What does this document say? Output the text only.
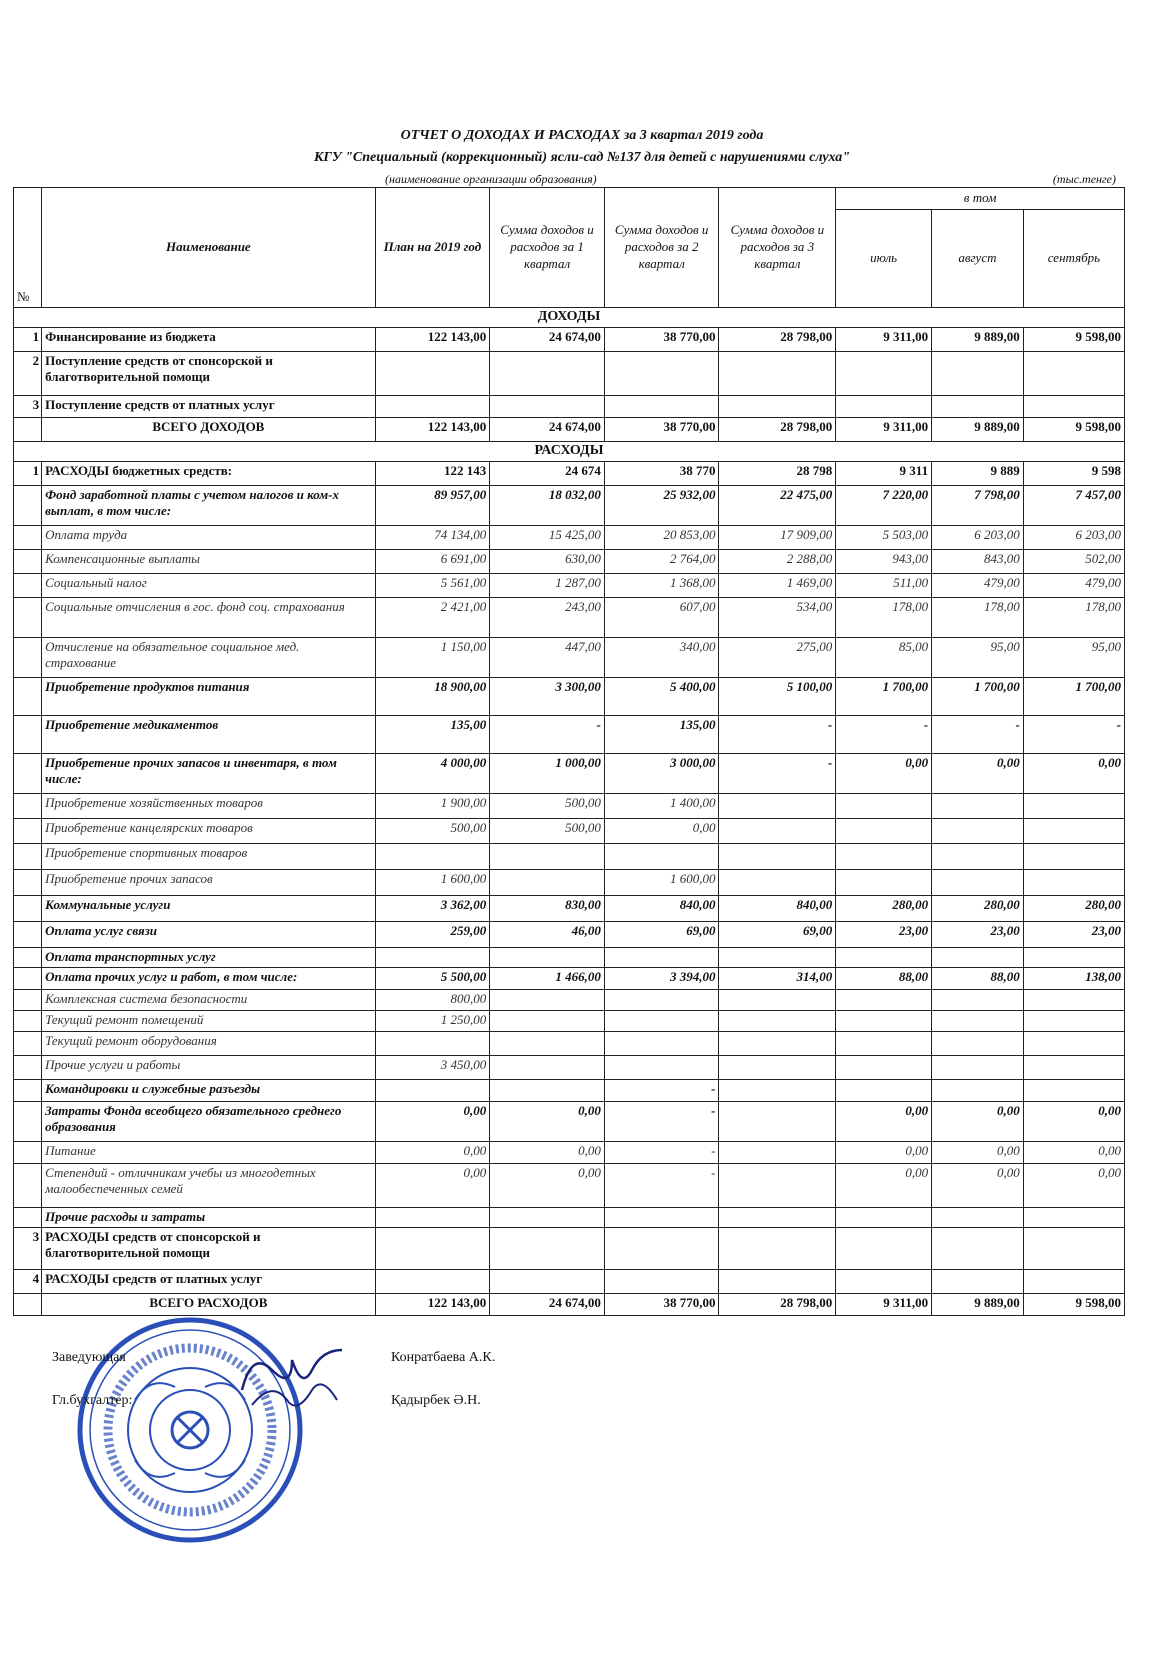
ОТЧЕТ О ДОХОДАХ И РАСХОДАХ за 3 квартал 2019 года
КГУ "Специальный (коррекционный) ясли-сад №137 для детей с нарушениями слуха"
(наименование организации образования)	(тыс.тенге)
№	Наименование	План на 2019 год	Сумма доходов и расходов за 1 квартал	Сумма доходов и расходов за 2 квартал	Сумма доходов и расходов за 3 квартал	в том		
						июль	август	сентябрь
ДОХОДЫ								
1	Финансирование из бюджета	122 143,00	24 674,00	38 770,00	28 798,00	9 311,00	9 889,00	9 598,00
2	Поступление средств от спонсорской и благотворительной помощи							
3	Поступление средств от платных услуг							
	ВСЕГО ДОХОДОВ	122 143,00	24 674,00	38 770,00	28 798,00	9 311,00	9 889,00	9 598,00
РАСХОДЫ								
1	РАСХОДЫ бюджетных средств:	122 143	24 674	38 770	28 798	9 311	9 889	9 598
	Фонд заработной платы с учетом налогов и ком-х выплат, в том числе:	89 957,00	18 032,00	25 932,00	22 475,00	7 220,00	7 798,00	7 457,00
	Оплата труда	74 134,00	15 425,00	20 853,00	17 909,00	5 503,00	6 203,00	6 203,00
	Компенсационные выплаты	6 691,00	630,00	2 764,00	2 288,00	943,00	843,00	502,00
	Социальный налог	5 561,00	1 287,00	1 368,00	1 469,00	511,00	479,00	479,00
	Социальные отчисления в гос. фонд соц. страхования	2 421,00	243,00	607,00	534,00	178,00	178,00	178,00
	Отчисление на обязательное социальное мед. страхование	1 150,00	447,00	340,00	275,00	85,00	95,00	95,00
	Приобретение продуктов питания	18 900,00	3 300,00	5 400,00	5 100,00	1 700,00	1 700,00	1 700,00
	Приобретение медикаментов	135,00	-	135,00	-	-	-	-
	Приобретение прочих запасов и инвентаря, в том числе:	4 000,00	1 000,00	3 000,00	-	0,00	0,00	0,00
	Приобретение хозяйственных товаров	1 900,00	500,00	1 400,00				
	Приобретение канцелярских товаров	500,00	500,00	0,00				
	Приобретение спортивных товаров							
	Приобретение прочих запасов	1 600,00		1 600,00				
	Коммунальные услуги	3 362,00	830,00	840,00	840,00	280,00	280,00	280,00
	Оплата услуг связи	259,00	46,00	69,00	69,00	23,00	23,00	23,00
	Оплата транспортных услуг							
	Оплата прочих услуг и работ, в том числе:	5 500,00	1 466,00	3 394,00	314,00	88,00	88,00	138,00
	Комплексная система безопасности	800,00						
	Текущий ремонт помещений	1 250,00						
	Текущий ремонт оборудования							
	Прочие услуги и работы	3 450,00						
	Командировки и служебные разъезды			-				
	Затраты Фонда всеобщего обязательного среднего образования	0,00	0,00	-		0,00	0,00	0,00
	Питание	0,00	0,00	-		0,00	0,00	0,00
	Степендий - отличникам учебы из многодетных малообеспеченных семей	0,00	0,00	-		0,00	0,00	0,00
	Прочие расходы и затраты							
3	РАСХОДЫ средств от спонсорской и благотворительной помощи							
4	РАСХОДЫ средств от платных услуг							
	ВСЕГО РАСХОДОВ	122 143,00	24 674,00	38 770,00	28 798,00	9 311,00	9 889,00	9 598,00
Заведующая	Конратбаева А.К.
Гл.бухгалтер:	Қадырбек Ә.Н.
